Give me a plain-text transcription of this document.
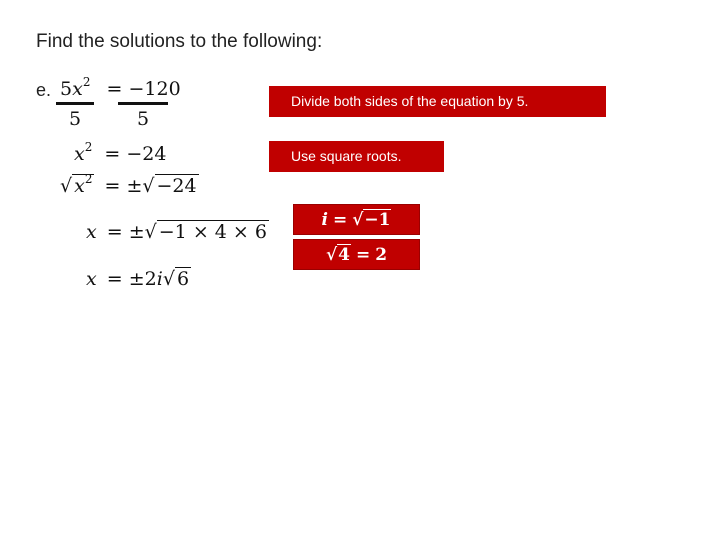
Find the solutions to the following:
e. $5x^2 = -120$
5	5
$x^2 = -24$
√ $x^2$ = ±√ −24
x = ±√ −1 × 4 × 6
x = ±2i√ 6
Divide both sides of the equation by 5.
Use square roots.
i = √ −1
√ 4 = 2
